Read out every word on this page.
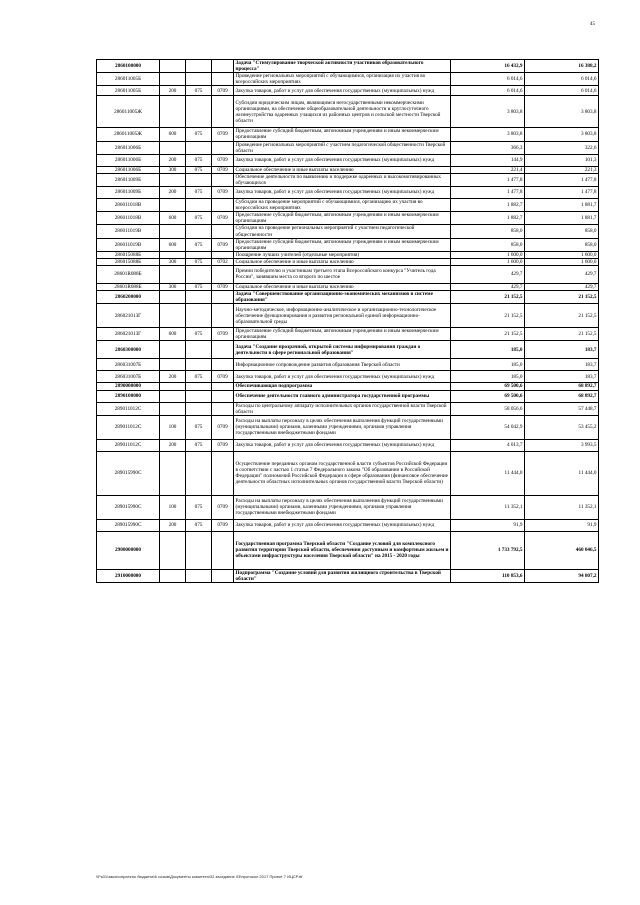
45
2860100000				Задача "Стимулирование творческой активности участников образовательного процесса"	16 432,9	16 388,2
286011005Б				Проведение региональных мероприятий с обучающимися, организация их участия во всероссийских мероприятиях	6 014,6	6 014,6
286011005Б	200	075	0709	Закупка товаров, работ и услуг для обеспечения государственных (муниципальных) нужд	6 014,6	6 014,6
286011005Ж				Субсидии юридическим лицам, являющимся негосударственными некоммерческими организациями, на обеспечение общеобразовательной деятельности и круглосуточного жизнеустройства одаренных учащихся из районных центров и сельской местности Тверской области	3 803,8	3 803,8
286011005Ж	600	075	0709	Предоставление субсидий бюджетным, автономным учреждениям и иным некоммерческим организациям	3 803,8	3 803,8
286011006Б				Проведение региональных мероприятий с участием педагогической общественности Тверской области	366,3	322,6
286011006Б	200	075	0709	Закупка товаров, работ и услуг для обеспечения государственных (муниципальных) нужд	144,9	101,3
286011006Б	300	075	0709	Социальное обеспечение и иные выплаты населению	221,4	221,3
286011009Б				Обеспечение деятельности по выявлению и поддержке одаренных и высокомотивированных обучающихся	1 477,8	1 477,8
286011009Б	200	075	0709	Закупка товаров, работ и услуг для обеспечения государственных (муниципальных) нужд	1 477,8	1 477,8
286011018В				Субсидии на проведение мероприятий с обучающимися, организацию их участия во всероссийских мероприятиях	1 882,7	1 881,7
286011018В	600	075	0709	Предоставление субсидий бюджетным, автономным учреждениям и иным некоммерческим организациям	1 882,7	1 881,7
286011019В				Субсидии на проведение региональных мероприятий с участием педагогической общественности	858,0	858,0
286011019В	600	075	0709	Предоставление субсидий бюджетным, автономным учреждениям и иным некоммерческим организациям	858,0	858,0
286015088Б				Поощрение лучших учителей (отдельные мероприятия)	1 600,0	1 600,0
286015088Б	300	075	0702	Социальное обеспечение и иные выплаты населению	1 600,0	1 600,0
28601R088Б				Премии победителю и участникам третьего этапа Всероссийского конкурса "Учитель года России", занявшим места со второго по шестое	429,7	429,7
28601R088Б	300	075	0709	Социальное обеспечение и иные выплаты населению	429,7	429,7
2860200000				Задача "Совершенствование организационно-экономических механизмов в системе образования"	21 152,5	21 152,5
286021013Г				Научно-методическое, информационно-аналитическое и организационно-технологическое обеспечение функционирования и развития региональной единой информационно-образовательной среды	21 152,5	21 152,5
286021013Г	600	075	0709	Предоставление субсидий бюджетным, автономным учреждениям и иным некоммерческим организациям	21 152,5	21 152,5
2860300000				Задача "Создание прозрачной, открытой системы информирования граждан о деятельности в сфере региональной образования"	185,0	183,7
286031007Б				Информационное сопровождение развития образования Тверской области	185,0	183,7
286031007Б	200	075	0709	Закупка товаров, работ и услуг для обеспечения государственных (муниципальных) нужд	185,0	183,7
2890000000				Обеспечивающая подпрограмма	69 500,6	68 892,7
2890100000				Обеспечение деятельности главного администратора государственной программы	69 500,6	68 892,7
289011012С				Расходы по центральному аппарату исполнительных органов государственной власти Тверской области	58 056,6	57 448,7
289011012С	100	075	0709	Расходы на выплаты персоналу в целях обеспечения выполнения функций государственными (муниципальными) органами, казенными учреждениями, органами управления государственными внебюджетными фондами	54 042,9	53 455,2
289011012С	200	075	0709	Закупка товаров, работ и услуг для обеспечения государственных (муниципальных) нужд	4 013,7	3 993,5
289015990С				Осуществление переданных органам государственной власти субъектов Российской Федерации в соответствии с частью 1 статьи 7 Федерального закона "Об образовании в Российской Федерации" полномочий Российской Федерации в сфере образования (финансовое обеспечение деятельности областных исполнительных органов государственной власти Тверской области)	11 444,0	11 444,0
289015990С	100	075	0709	Расходы на выплаты персоналу в целях обеспечения выполнения функций государственными (муниципальными) органами, казенными учреждениями, органами управления государственными внебюджетными фондами	11 352,1	11 352,1
289015990С	200	075	0709	Закупка товаров, работ и услуг для обеспечения государственных (муниципальных) нужд	91,9	91,9
2900000000				Государственная программа Тверской области "Создание условий для комплексного развития территории Тверской области, обеспечения доступным и комфортным жильем и объектами инфраструктуры населения Тверской области" на 2015 - 2020 годы	1 733 792,5	460 046,5
2910000000				Подпрограмма "Создание условий для развития жилищного строительства в Тверской области"	110 853,6	94 807,2
\\Fs01\законопроекты бюджета\6 созыв\Документы комитета\32 заседание 03\протокол 2017 Проект 7 ИЦСР.rtf
